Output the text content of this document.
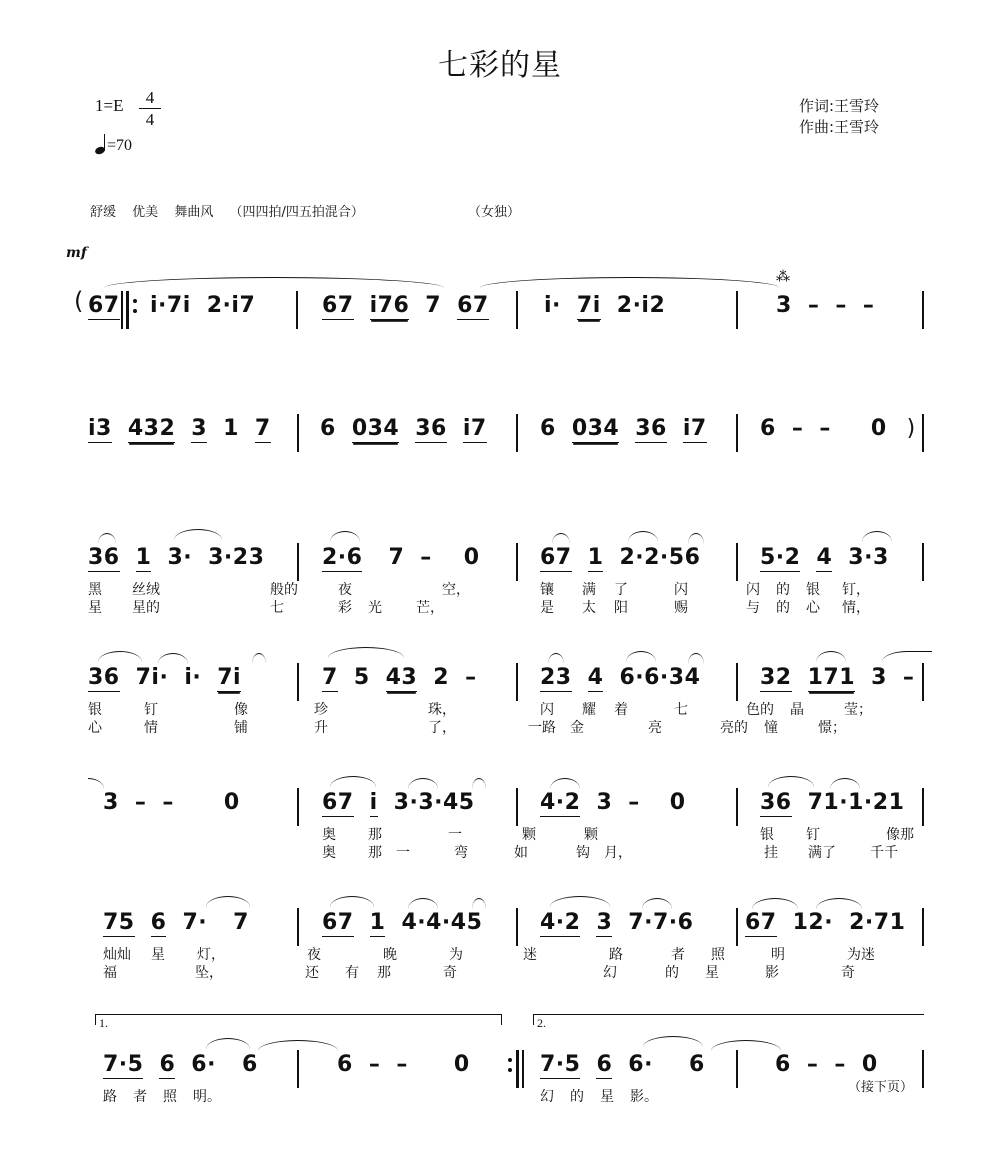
七彩的星
1=E	4
4
=70
作词:王雪玲
作曲:王雪玲
舒缓 优美 舞曲风 （四四拍/四五拍混合）	（女独）
mf
( 67	i·7i 2·i7	67 i76 7 67	i· 7i 2·i2	3 – – –
⁂
i3 432 3 1 7	6 034 36 i7	6 034 36 i7	6 – – 0 )
36 1 3· 3·23	2·6 7 – 0	67 1 2·2·56	5·2 4 3·3
黑 丝绒	般的	夜	空，
星 星的	七	彩 光 芒，
镶 满 了	闪	闪 的 银 钉，
是 太 阳	赐	与 的 心 情，
36 7i· i· 7i	7 5 43 2 –	23 4 6·6·34	32 171 3 –
银	钉	像	珍	珠，
心	情	铺	升	了，
闪 耀 着	七	色的 晶	莹；
一路 金	亮	亮的 憧	憬；
3 – – 0	67 i 3·3·45	4·2 3 – 0	36 71·1·21
奥 那	一	颗	颗	银 钉	像那
奥 那 一	弯	如	钩 月，	挂 满了 千千
75 6 7· 7	67 1 4·4·45	4·2 3 7·7·6	67 12· 2·71
灿灿 星 灯，	夜	晚	为	迷	路	者 照	明	为迷
福	坠，	还 有 那	奇	幻	的 星	影	奇
1.	2.
7·5 6 6· 6	6 – – 0	7·5 6 6· 6	6 – – 0
路 者 照 明。	幻 的 星 影。
（接下页）
